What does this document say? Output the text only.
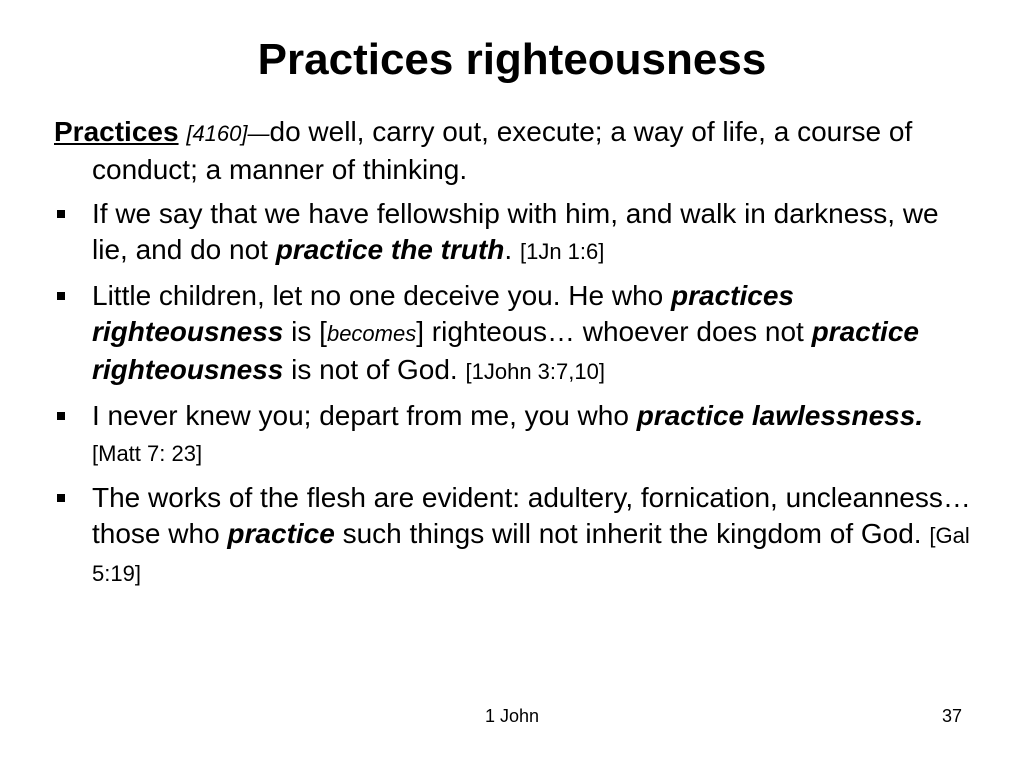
Practices righteousness

Practices [4160]—do well, carry out, execute; a way of life, a course of conduct; a manner of thinking.

If we say that we have fellowship with him, and walk in darkness, we lie, and do not practice the truth. [1Jn 1:6]
Little children, let no one deceive you. He who practices righteousness is [becomes] righteous… whoever does not practice righteousness is not of God. [1John 3:7,10]
I never knew you; depart from me, you who practice lawlessness. [Matt 7: 23]
The works of the flesh are evident: adultery, fornication, uncleanness… those who practice such things will not inherit the kingdom of God. [Gal 5:19]
1 John	37
